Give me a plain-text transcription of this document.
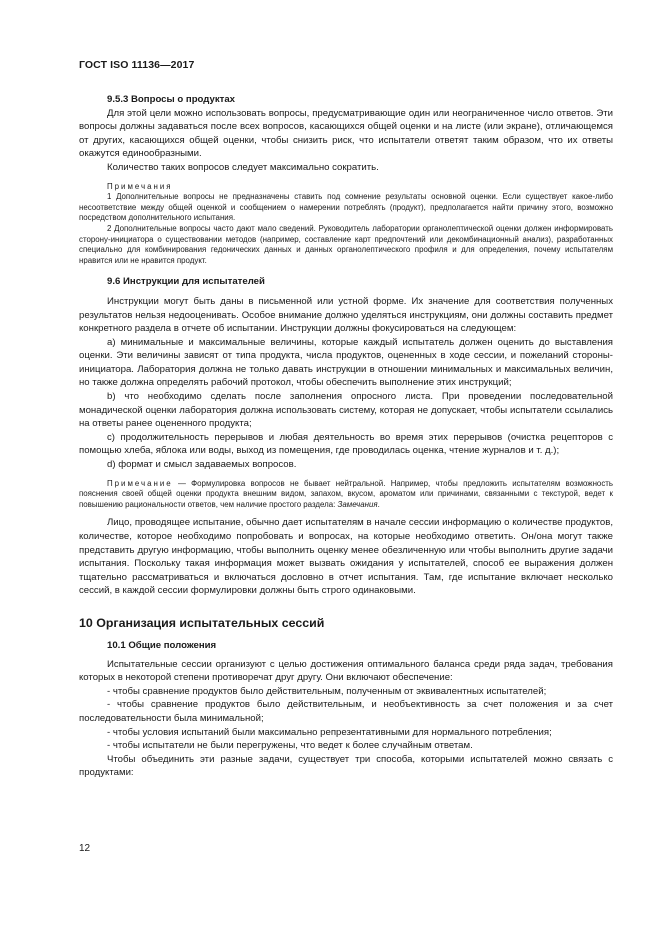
ГОСТ ISO 11136—2017

9.5.3 Вопросы о продуктах

Для этой цели можно использовать вопросы, предусматривающие один или неограниченное число ответов. Эти вопросы должны задаваться после всех вопросов, касающихся общей оценки и на листе (или экране), отличающемся от других, касающихся общей оценки, чтобы снизить риск, что испытатели ответят таким образом, что их ответы окажутся единообразными.

Количество таких вопросов следует максимально сократить.

Примечания

1 Дополнительные вопросы не предназначены ставить под сомнение результаты основной оценки. Если существует какое-либо несоответствие между общей оценкой и сообщением о намерении потреблять (продукт), предполагается найти причину этого, возможно посредством дополнительного испытания.

2 Дополнительные вопросы часто дают мало сведений. Руководитель лаборатории органолептической оценки должен информировать сторону-инициатора о существовании методов (например, составление карт предпочтений или декомбинационный анализ), разработанных специально для комбинирования гедонических данных и данных органолептического профиля и для определения, почему испытателям нравится или не нравится продукт.

9.6 Инструкции для испытателей

Инструкции могут быть даны в письменной или устной форме. Их значение для соответствия полученных результатов нельзя недооценивать. Особое внимание должно уделяться инструкциям, они должны составить предмет конкретного раздела в отчете об испытании. Инструкции должны фокусироваться на следующем:

a) минимальные и максимальные величины, которые каждый испытатель должен оценить до выставления оценки. Эти величины зависят от типа продукта, числа продуктов, оцененных в ходе сессии, и пожеланий стороны-инициатора. Лаборатория должна не только давать инструкции в отношении минимальных и максимальных величин, но также должна определять рабочий протокол, чтобы обеспечить выполнение этих инструкций;

b) что необходимо сделать после заполнения опросного листа. При проведении последовательной монадической оценки лаборатория должна использовать систему, которая не допускает, чтобы испытатели ссылались на ответы ранее оцененного продукта;

c) продолжительность перерывов и любая деятельность во время этих перерывов (очистка рецепторов с помощью хлеба, яблока или воды, выход из помещения, где проводилась оценка, чтение журналов и т. д.);

d) формат и смысл задаваемых вопросов.

Примечание — Формулировка вопросов не бывает нейтральной. Например, чтобы предложить испытателям возможность пояснения своей общей оценки продукта внешним видом, запахом, вкусом, ароматом или причинами, связанными с текстурой, ведет к повышению рациональности ответов, чем наличие простого раздела: Замечания.

Лицо, проводящее испытание, обычно дает испытателям в начале сессии информацию о количестве продуктов, количестве, которое необходимо попробовать и вопросах, на которые необходимо ответить. Он/она могут также представить другую информацию, чтобы выполнить оценку менее обезличенную или чтобы выполнить другие задачи испытания. Поскольку такая информация может вызвать ожидания у испытателей, способ ее выражения должен тщательно рассматриваться и включаться дословно в отчет испытания. Там, где испытание включает несколько сессий, в каждой сессии формулировки должны быть строго одинаковыми.

10 Организация испытательных сессий

10.1 Общие положения

Испытательные сессии организуют с целью достижения оптимального баланса среди ряда задач, требования которых в некоторой степени противоречат друг другу. Они включают обеспечение:

- чтобы сравнение продуктов было действительным, полученным от эквивалентных испытателей;

- чтобы сравнение продуктов было действительным, и необъективность за счет положения и за счет последовательности была минимальной;

- чтобы условия испытаний были максимально репрезентативными для нормального потребления;

- чтобы испытатели не были перегружены, что ведет к более случайным ответам.

Чтобы объединить эти разные задачи, существует три способа, которыми испытателей можно связать с продуктами:

12
